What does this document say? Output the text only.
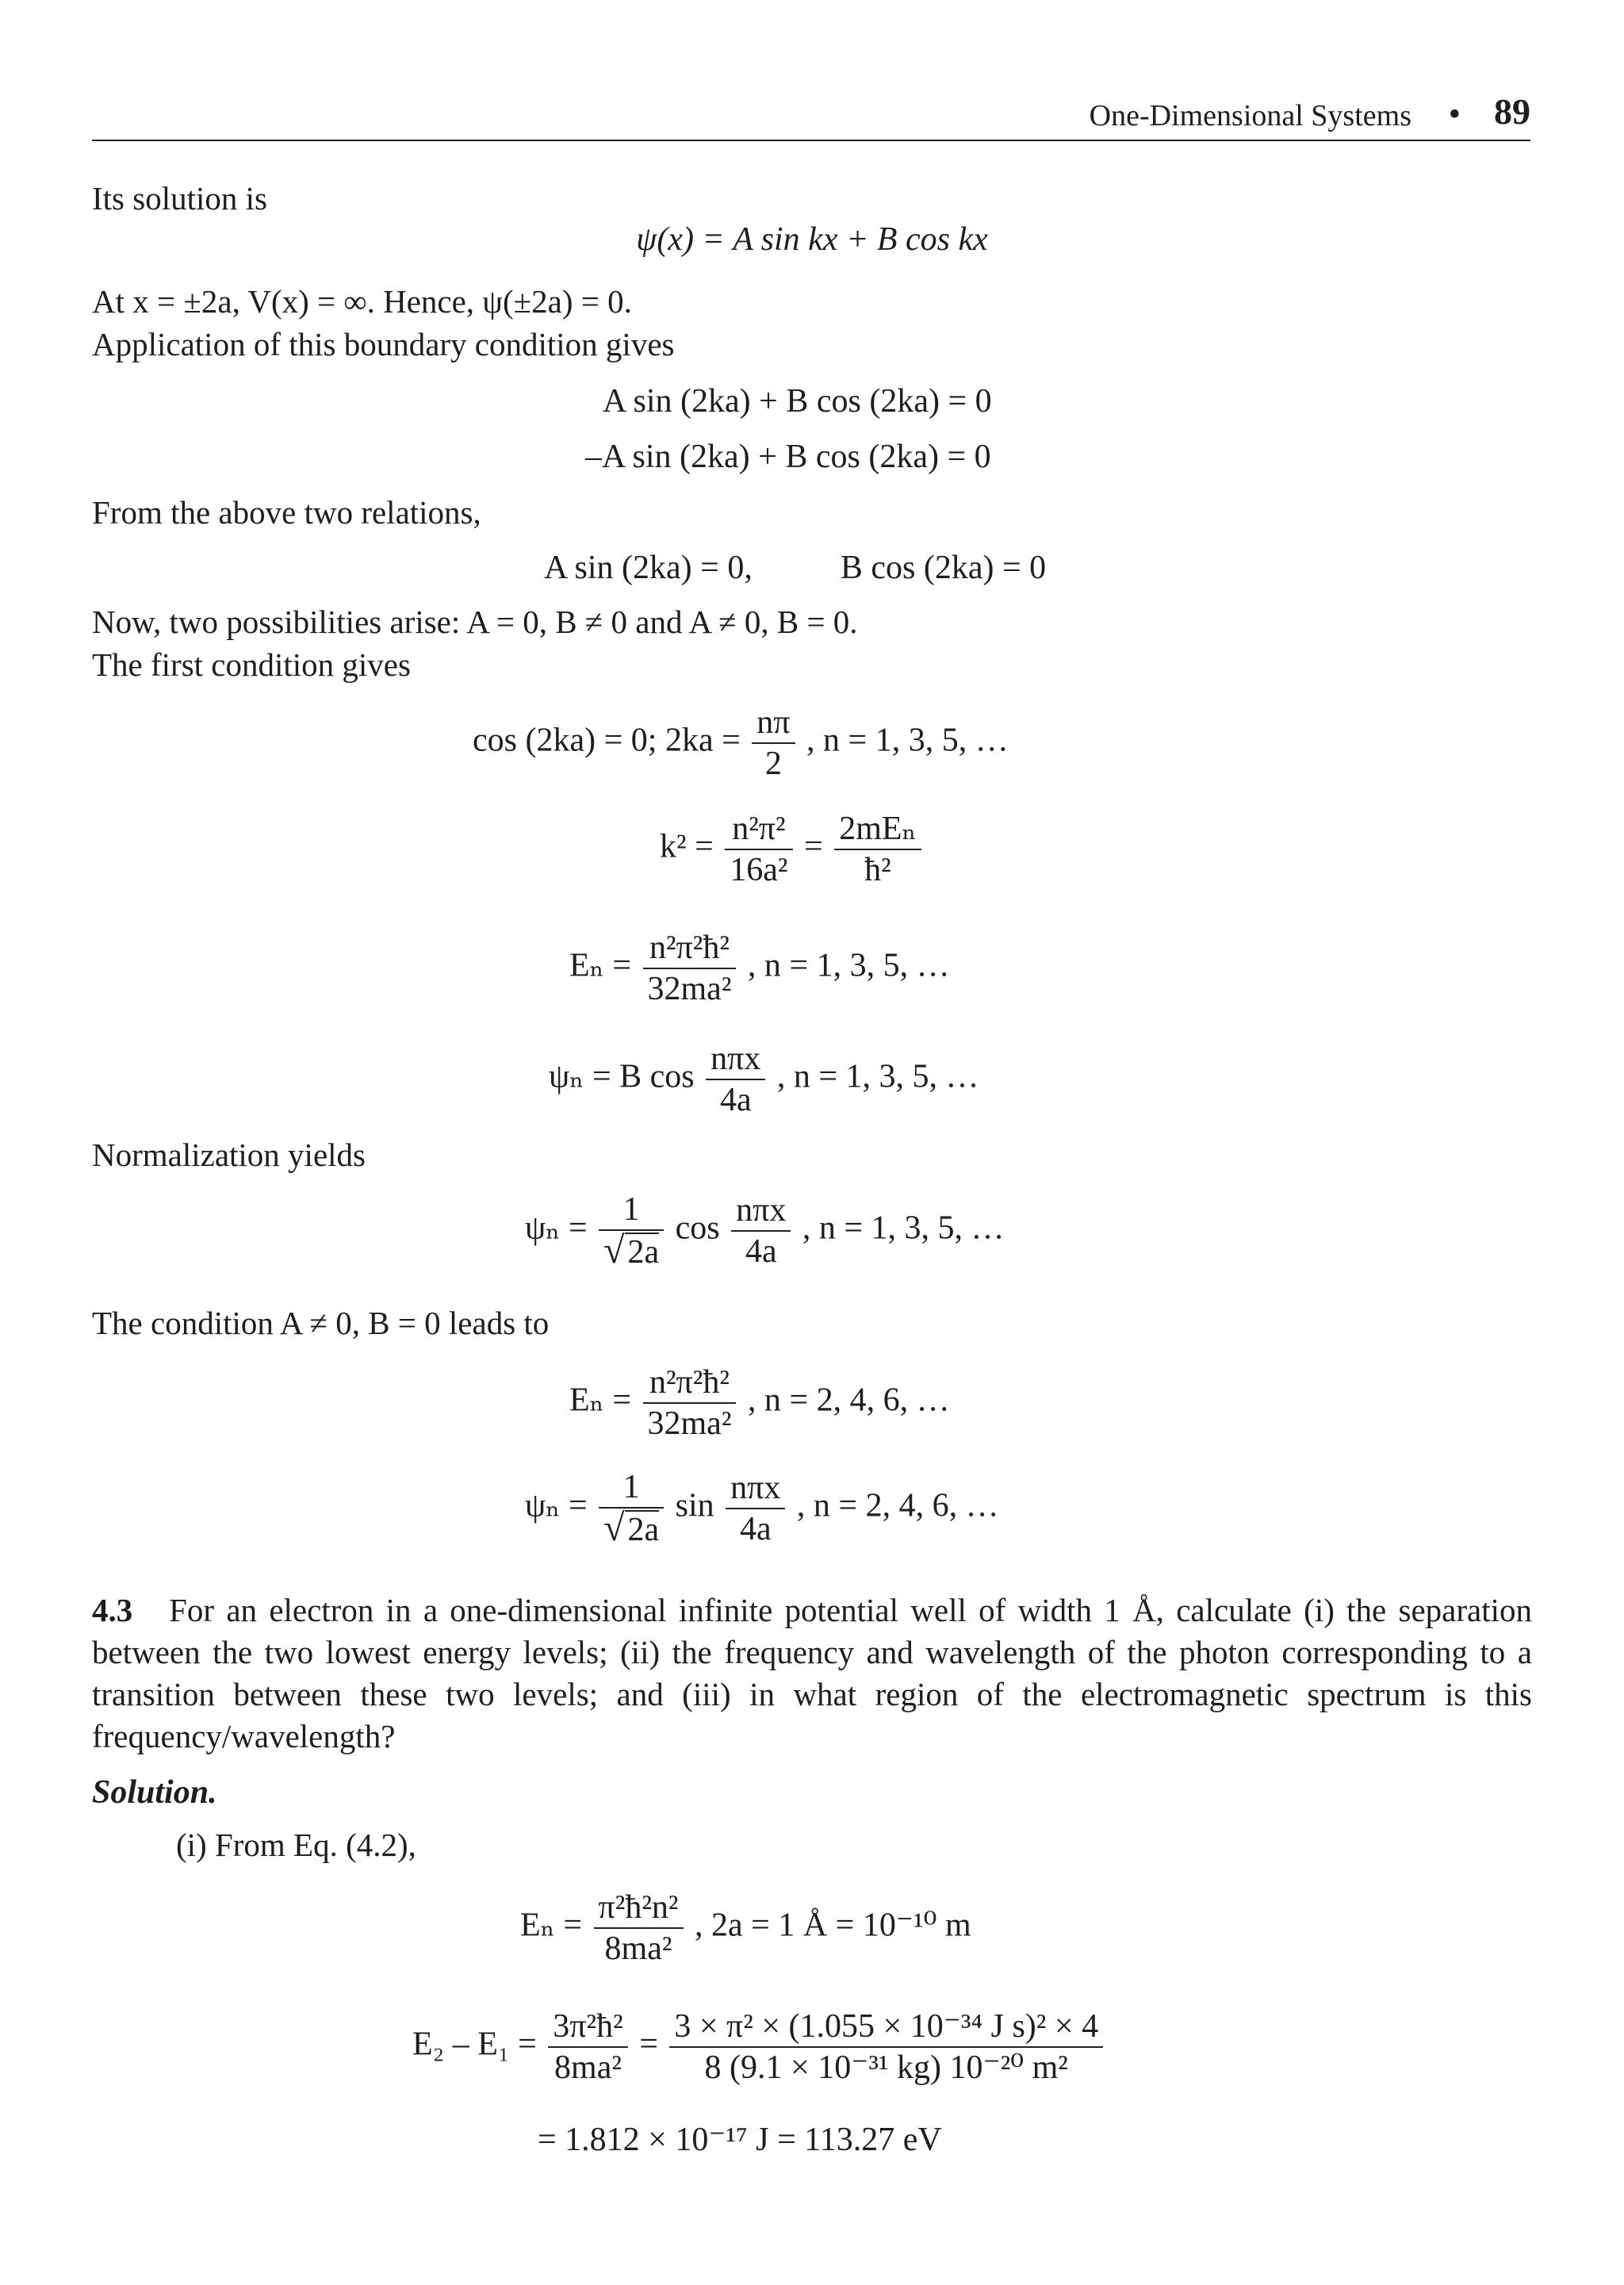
One-Dimensional Systems • 89
Its solution is
ψ(x) = A sin kx + B cos kx
At x = ±2a, V(x) = ∞. Hence, ψ(±2a) = 0.
Application of this boundary condition gives
A sin (2ka) + B cos (2ka) = 0
–A sin (2ka) + B cos (2ka) = 0
From the above two relations,
A sin (2ka) = 0,	B cos (2ka) = 0
Now, two possibilities arise: A = 0, B ≠ 0 and A ≠ 0, B = 0.
The first condition gives
cos (2ka) = 0; $2ka = \frac{n\pi}{2}$ , n = 1, 3, 5, …
$k^2 = \frac{\text{n²π²}}{\text{16a²}} = \frac{\text{2mEₙ}}{\text{ħ²}}$
$E_n = \frac{\text{n²π²ħ²}}{\text{32ma²}}$ , n = 1, 3, 5, …
ψₙ = B $\cos \frac{\text{nπx}}{4a}$ , n = 1, 3, 5, …
Normalization yields
$\psi_n = \frac{1}{√2a}$ $\cos \frac{\text{nπx}}{4a}$ , n = 1, 3, 5, …
The condition A ≠ 0, B = 0 leads to
$E_n = \frac{\text{n²π²ħ²}}{\text{32ma²}}$ , n = 2, 4, 6, …
$\psi_n = \frac{1}{√2a}$ $\sin \frac{\text{nπx}}{4a}$ , n = 2, 4, 6, …
4.3 For an electron in a one-dimensional infinite potential well of width 1 Å, calculate (i) the separation between the two lowest energy levels; (ii) the frequency and wavelength of the photon corresponding to a transition between these two levels; and (iii) in what region of the electromagnetic spectrum is this frequency/wavelength?
Solution.
(i) From Eq. (4.2),
$E_n = \frac{\text{π²ħ²n²}}{\text{8ma²}}$ , 2a = 1 Å = 10⁻¹⁰ m
$E_2 - E_1 = \frac{\text{3π²ħ²}}{\text{8ma²}} = \frac{\text{3 × π² × (1.055 × 10⁻³⁴ J s)² × 4}}{\text{8 (9.1 × 10⁻³¹ kg) 10⁻²⁰ m²}}$
= 1.812 × 10⁻¹⁷ J = 113.27 eV
